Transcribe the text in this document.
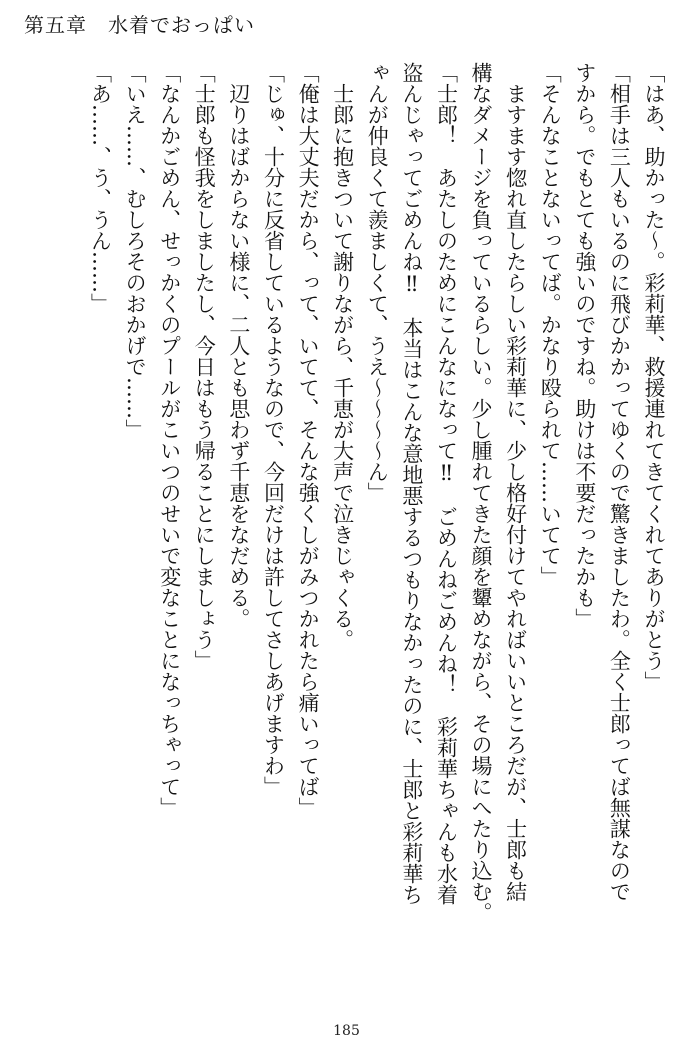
第五章　水着でおっぱい
「はあ、助かった〜。彩莉華、救援連れてきてくれてありがとう」
「相手は三人もいるのに飛びかかってゆくので驚きましたわ。全く士郎ってば無謀なので
すから。でもとても強いのですね。助けは不要だったかも」
「そんなことないってば。かなり殴られて……いてて」
　ますます惚れ直したらしい彩莉華に、少し格好付けてやればいいところだが、士郎も結
構なダメージを負っているらしい。少し腫れてきた顔を顰めながら、その場にへたり込む。
「士郎！　あたしのためにこんなになって‼　ごめんねごめんね！　彩莉華ちゃんも水着
盗んじゃってごめんね‼　本当はこんな意地悪するつもりなかったのに、士郎と彩莉華ち
ゃんが仲良くて羨ましくて、うえ〜〜〜〜ん」
　士郎に抱きついて謝りながら、千恵が大声で泣きじゃくる。
「俺は大丈夫だから、って、いてて、そんな強くしがみつかれたら痛いってば」
「じゅ、十分に反省しているようなので、今回だけは許してさしあげますわ」
　辺りはばからない様に、二人とも思わず千恵をなだめる。
「士郎も怪我をしましたし、今日はもう帰ることにしましょう」
「なんかごめん、せっかくのプールがこいつのせいで変なことになっちゃって」
「いえ……、むしろそのおかげで……」
「あ……、う、うん……」
185
